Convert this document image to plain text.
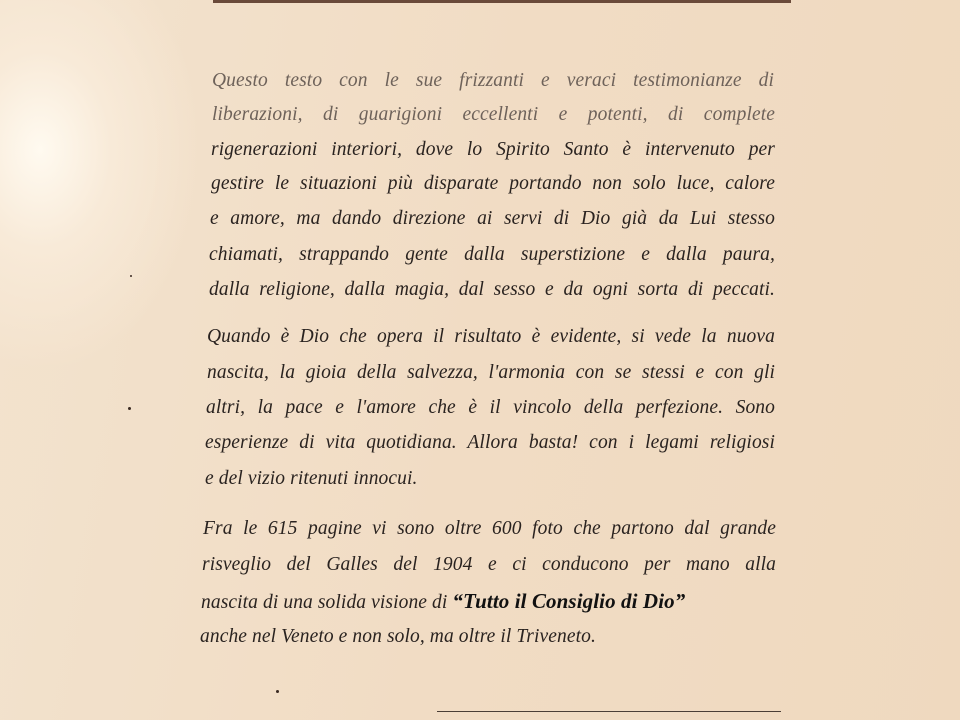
Questo testo con le sue frizzanti e veraci testimonianze di
liberazioni, di guarigioni eccellenti e potenti, di complete
rigenerazioni interiori, dove lo Spirito Santo è intervenuto per
gestire le situazioni più disparate portando non solo luce, calore
e amore, ma dando direzione ai servi di Dio già da Lui stesso
chiamati, strappando gente dalla superstizione e dalla paura,
dalla religione, dalla magia, dal sesso e da ogni sorta di peccati.
Quando è Dio che opera il risultato è evidente, si vede la nuova
nascita, la gioia della salvezza, l'armonia con se stessi e con gli
altri, la pace e l'amore che è il vincolo della perfezione. Sono
esperienze di vita quotidiana. Allora basta! con i legami religiosi
e del vizio ritenuti innocui.
Fra le 615 pagine vi sono oltre 600 foto che partono dal grande
risveglio del Galles del 1904 e ci conducono per mano alla
nascita di una solida visione di “Tutto il Consiglio di Dio”
anche nel Veneto e non solo, ma oltre il Triveneto.
